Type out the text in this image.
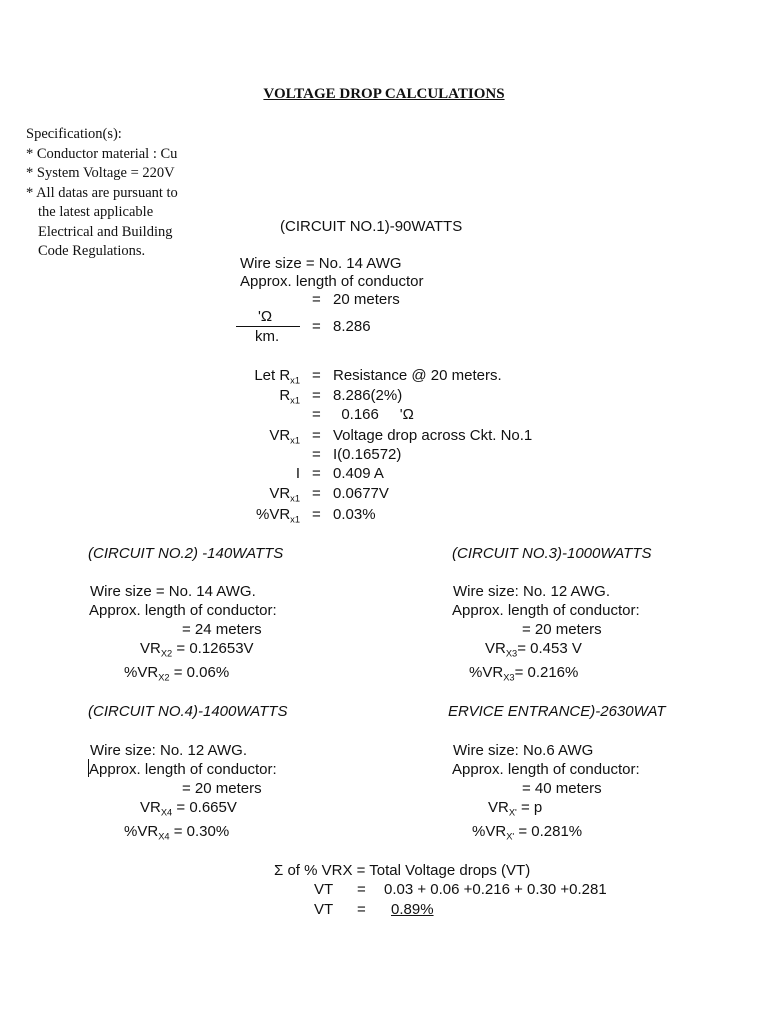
VOLTAGE DROP CALCULATIONS
Specification(s):
* Conductor material : Cu
* System Voltage = 220V
* All datas are pursuant to
the latest applicable
Electrical and Building
Code Regulations.
(CIRCUIT NO.1)-90WATTS
Wire size = No. 14 AWG
Approx. length of conductor
= 20 meters
'Ω
km.
= 8.286
Let $R_{x1}$ = Resistance @ 20 meters.
$R_{x1} = 8.286(2\%)$
= 0.166     'Ω
$VR_{x1}$ = Voltage drop across Ckt. No.1
= I(0.16572)
I = 0.409 A
$VR_{x1} = 0.0677V$
$\%VR_{x1} = 0.03\%$
(CIRCUIT NO.2) -140WATTS
Wire size = No. 14 AWG.
Approx. length of conductor:
= 24 meters
$VR_{X2} = 0.12653V$
$\%VR_{X2} = 0.06\%$
(CIRCUIT NO.3)-1000WATTS
Wire size: No. 12 AWG.
Approx. length of conductor:
= 20 meters
$VR_{X3}= 0.453$ V
$\%VR_{X3}= 0.216\%$
(CIRCUIT NO.4)-1400WATTS
Wire size: No. 12 AWG.
Approx. length of conductor:
= 20 meters
$VR_{X4} = 0.665V$
$\%VR_{X4} = 0.30\%$
ERVICE ENTRANCE)-2630WAT
Wire size: No.6 AWG
Approx. length of conductor:
= 40 meters
$VR_{X'} = p$
$\%VR_{X'} = 0.281\%$
Σ of % VRX = Total Voltage drops (VT)
VT = 0.03 + 0.06 +0.216 + 0.30 +0.281
VT = 0.89%
